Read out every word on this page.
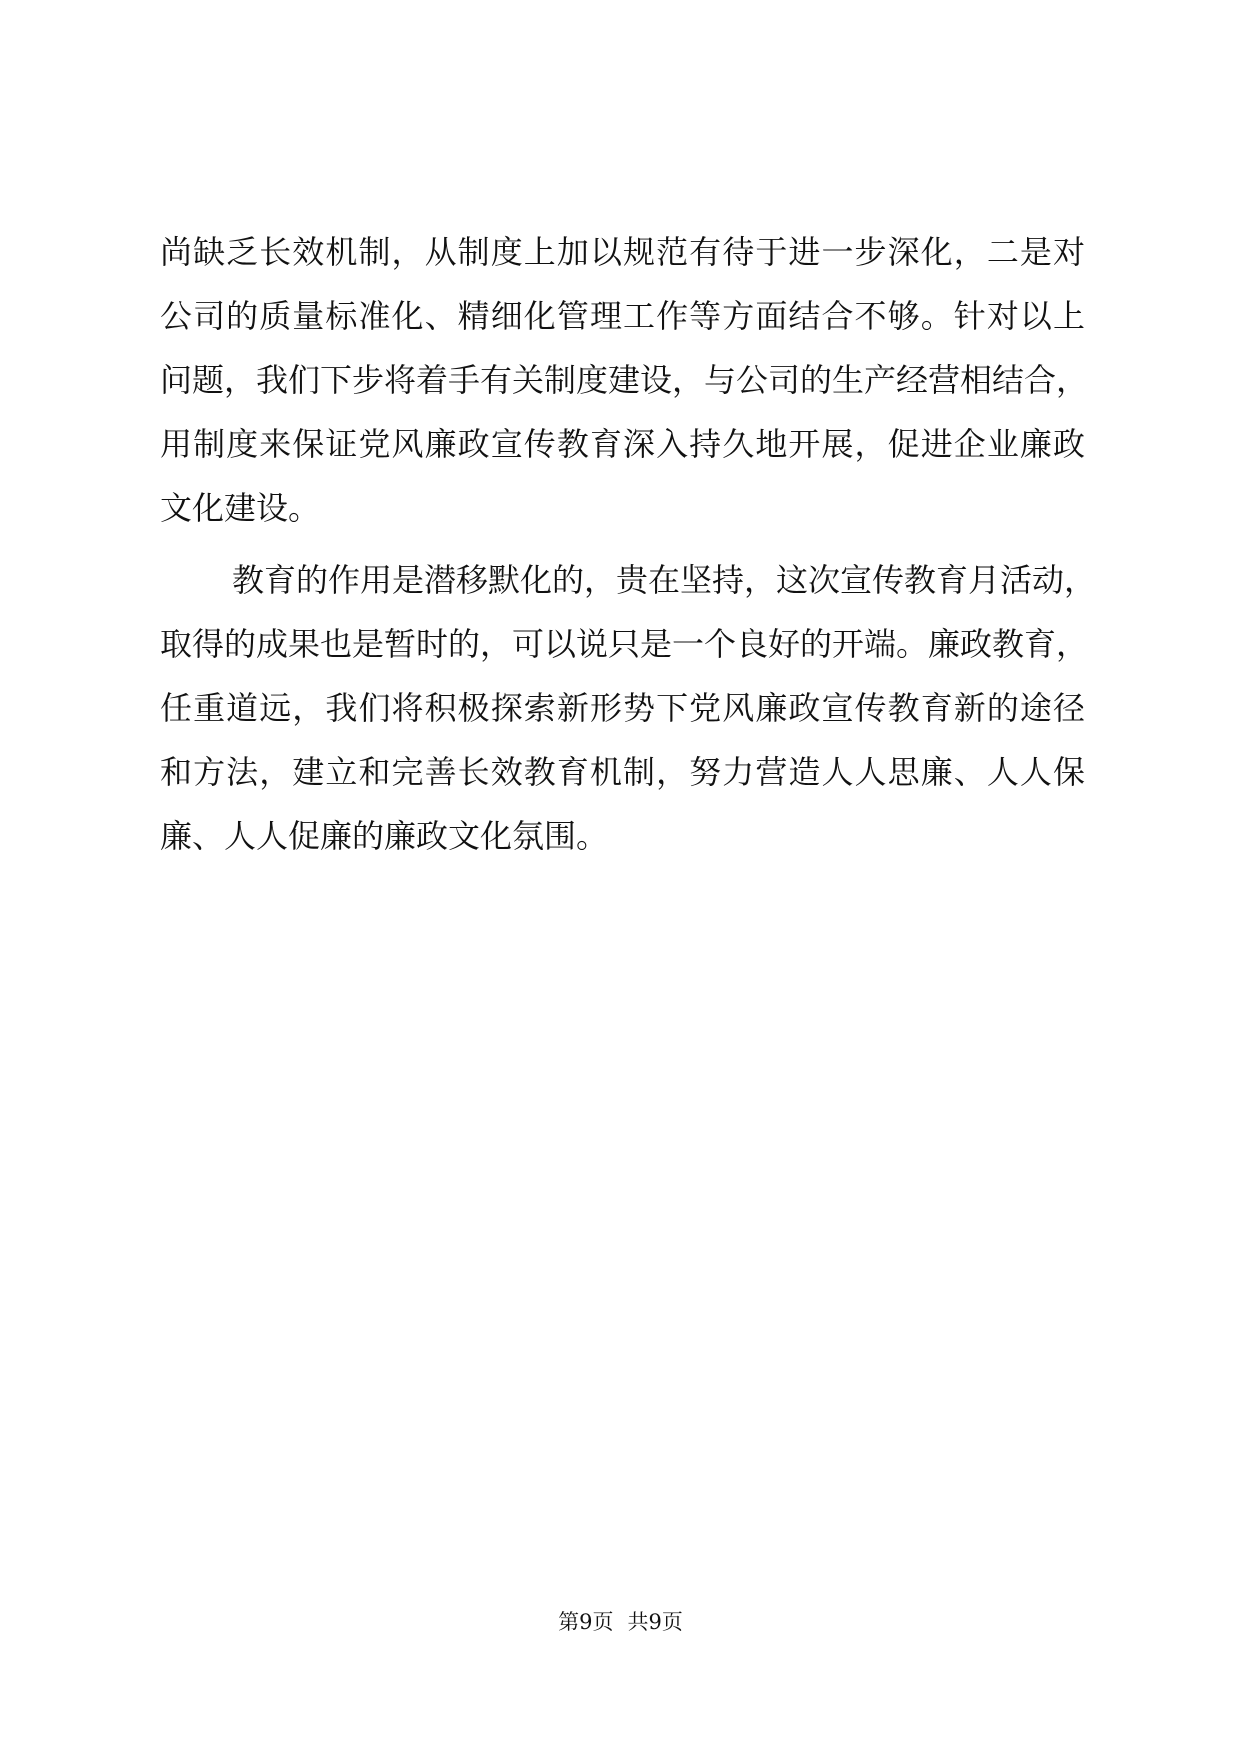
尚缺乏长效机制，从制度上加以规范有待于进一步深化，二是对
公司的质量标准化、精细化管理工作等方面结合不够。针对以上
问题，我们下步将着手有关制度建设，与公司的生产经营相结合，
用制度来保证党风廉政宣传教育深入持久地开展，促进企业廉政
文化建设。
教育的作用是潜移默化的，贵在坚持，这次宣传教育月活动，
取得的成果也是暂时的，可以说只是一个良好的开端。廉政教育，
任重道远，我们将积极探索新形势下党风廉政宣传教育新的途径
和方法，建立和完善长效教育机制，努力营造人人思廉、人人保
廉、人人促廉的廉政文化氛围。
第9页 共9页
